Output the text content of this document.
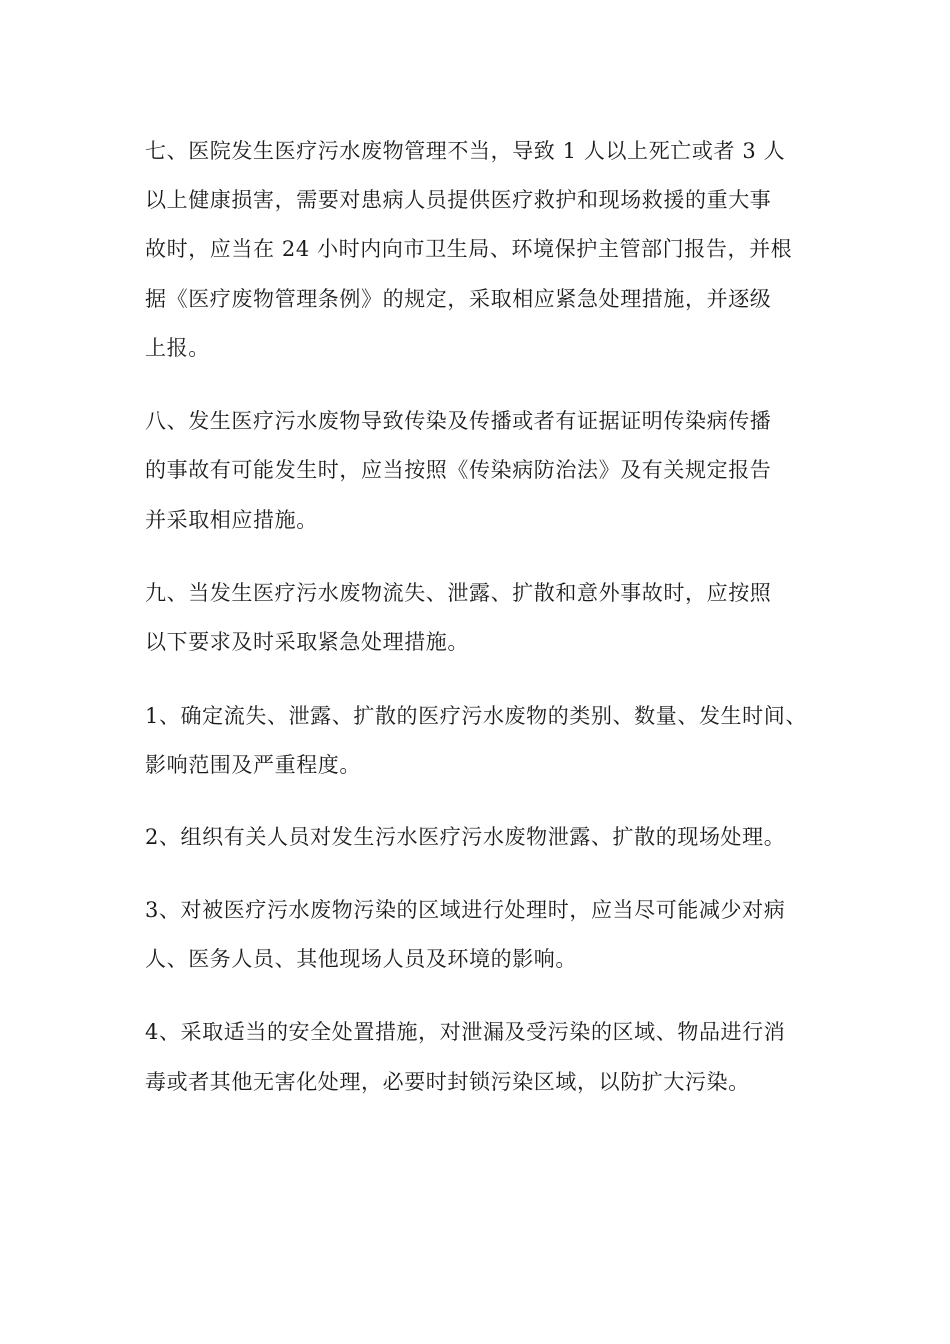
七、医院发生医疗污水废物管理不当，导致 1 人以上死亡或者 3 人
以上健康损害，需要对患病人员提供医疗救护和现场救援的重大事
故时，应当在 24 小时内向市卫生局、环境保护主管部门报告，并根
据《医疗废物管理条例》的规定，采取相应紧急处理措施，并逐级
上报。
八、发生医疗污水废物导致传染及传播或者有证据证明传染病传播
的事故有可能发生时，应当按照《传染病防治法》及有关规定报告
并采取相应措施。
九、当发生医疗污水废物流失、泄露、扩散和意外事故时，应按照
以下要求及时采取紧急处理措施。
1、确定流失、泄露、扩散的医疗污水废物的类别、数量、发生时间、
影响范围及严重程度。
2、组织有关人员对发生污水医疗污水废物泄露、扩散的现场处理。
3、对被医疗污水废物污染的区域进行处理时，应当尽可能减少对病
人、医务人员、其他现场人员及环境的影响。
4、采取适当的安全处置措施，对泄漏及受污染的区域、物品进行消
毒或者其他无害化处理，必要时封锁污染区域，以防扩大污染。
